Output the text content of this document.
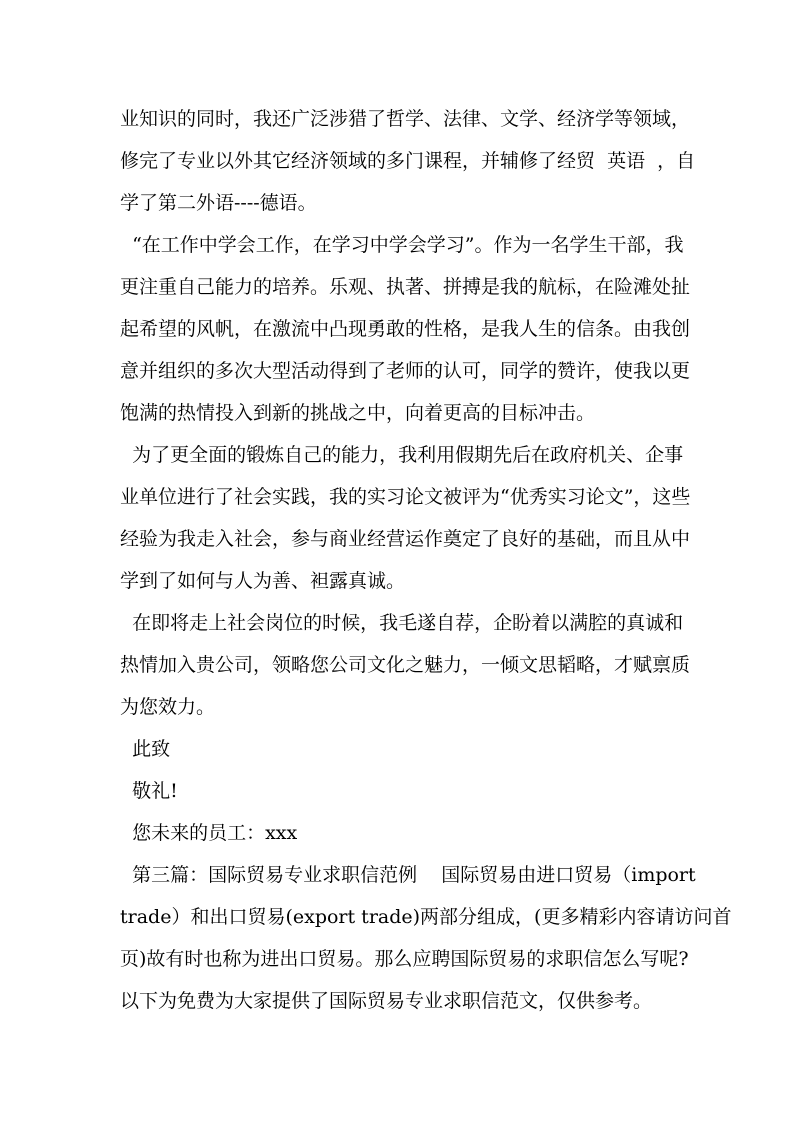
业知识的同时，我还广泛涉猎了哲学、法律、文学、经济学等领域，
修完了专业以外其它经济领域的多门课程，并辅修了经贸  英语  ，自
学了第二外语----德语。
“在工作中学会工作，在学习中学会学习”。作为一名学生干部，我
更注重自己能力的培养。乐观、执著、拼搏是我的航标，在险滩处扯
起希望的风帆，在激流中凸现勇敢的性格，是我人生的信条。由我创
意并组织的多次大型活动得到了老师的认可，同学的赞许，使我以更
饱满的热情投入到新的挑战之中，向着更高的目标冲击。
为了更全面的锻炼自己的能力，我利用假期先后在政府机关、企事
业单位进行了社会实践，我的实习论文被评为“优秀实习论文”，这些
经验为我走入社会，参与商业经营运作奠定了良好的基础，而且从中
学到了如何与人为善、袒露真诚。
在即将走上社会岗位的时候，我毛遂自荐，企盼着以满腔的真诚和
热情加入贵公司，领略您公司文化之魅力，一倾文思韬略，才赋禀质
为您效力。
此致
敬礼!
您未来的员工：xxx
第三篇：国际贸易专业求职信范例    国际贸易由进口贸易（import
trade）和出口贸易(export trade)两部分组成，(更多精彩内容请访问首
页)故有时也称为进出口贸易。那么应聘国际贸易的求职信怎么写呢?
以下为免费为大家提供了国际贸易专业求职信范文，仅供参考。
